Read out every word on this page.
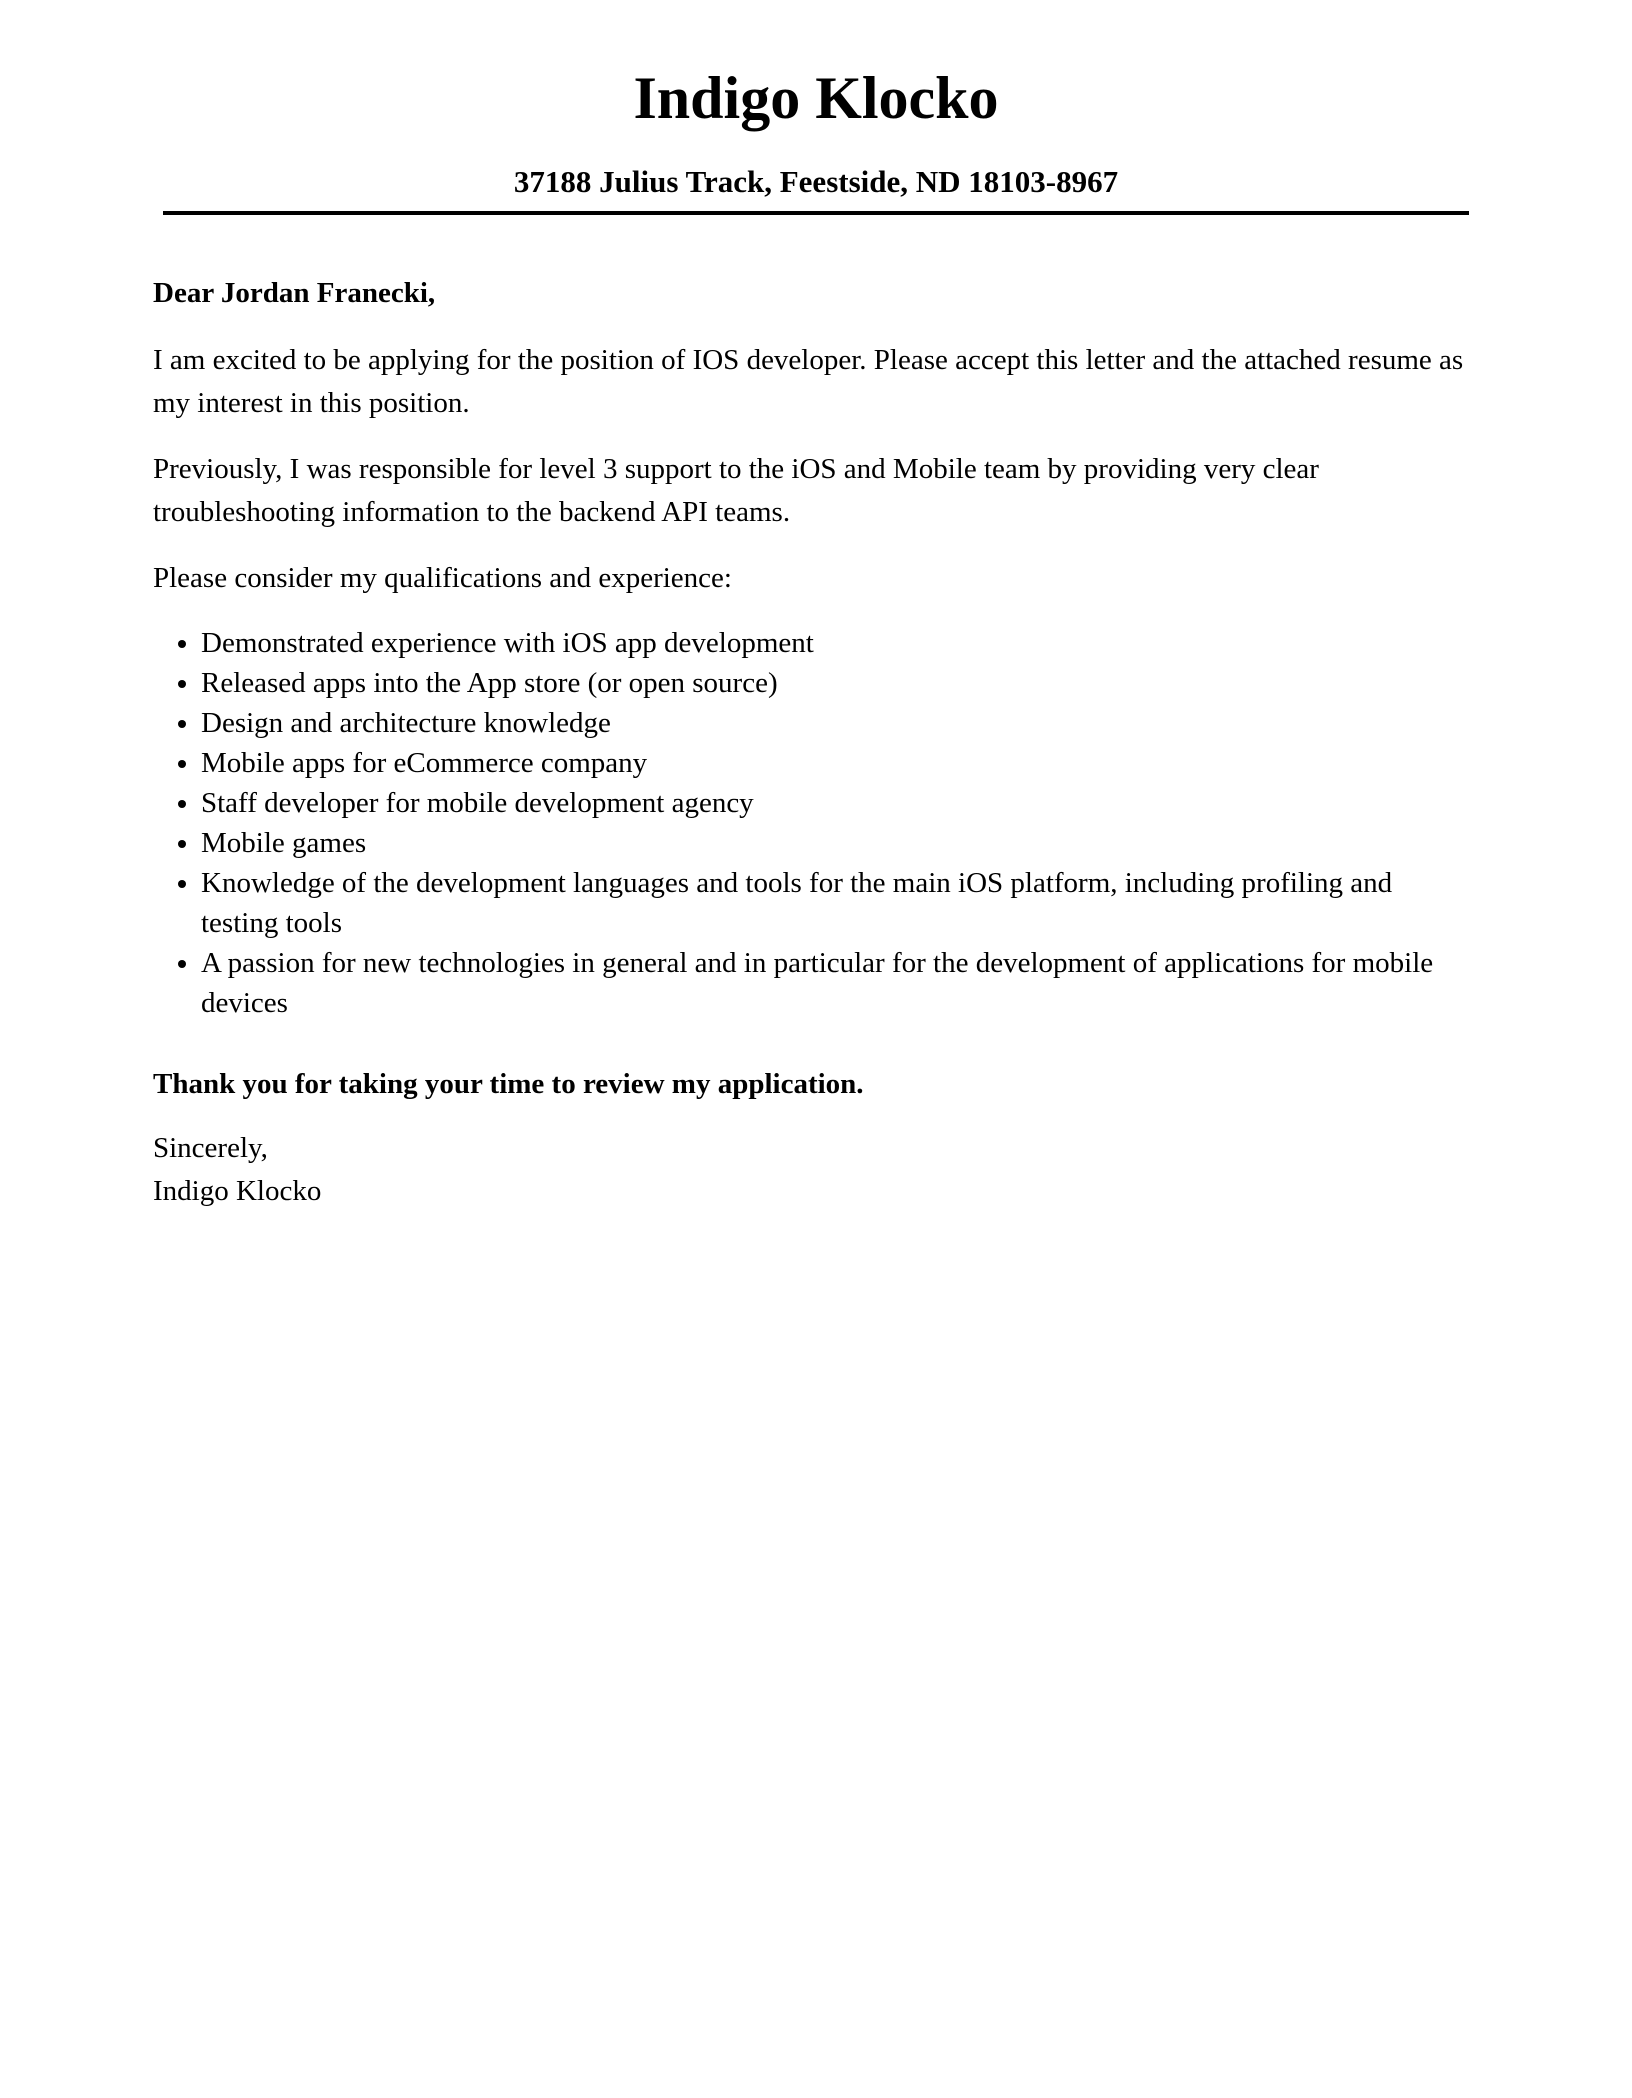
Indigo Klocko
37188 Julius Track, Feestside, ND 18103-8967

Dear Jordan Franecki,

I am excited to be applying for the position of IOS developer. Please accept this letter and the attached resume as my interest in this position.

Previously, I was responsible for level 3 support to the iOS and Mobile team by providing very clear troubleshooting information to the backend API teams.

Please consider my qualifications and experience:

• Demonstrated experience with iOS app development
• Released apps into the App store (or open source)
• Design and architecture knowledge
• Mobile apps for eCommerce company
• Staff developer for mobile development agency
• Mobile games
• Knowledge of the development languages and tools for the main iOS platform, including profiling and testing tools
• A passion for new technologies in general and in particular for the development of applications for mobile devices

Thank you for taking your time to review my application.

Sincerely,

Indigo Klocko
